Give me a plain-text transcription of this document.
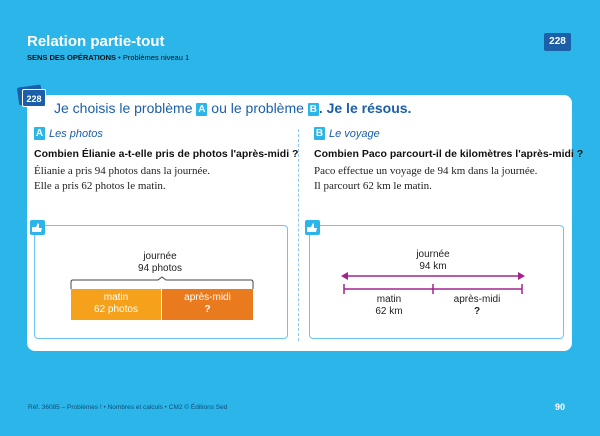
Relation partie-tout
SENS DES OPÉRATIONS • Problèmes niveau 1
228
228
Je choisis le problème A ou le problème B . Je le résous.
A Les photos
Combien Élianie a-t-elle pris de photos l'après-midi ?
Élianie a pris 94 photos dans la journée.
Elle a pris 62 photos le matin.
journée
94 photos
matin
62 photos
après-midi
?
B Le voyage
Combien Paco parcourt-il de kilomètres l'après-midi ?
Paco effectue un voyage de 94 km dans la journée.
Il parcourt 62 km le matin.
journée
94 km
matin
62 km
après-midi
?
Réf. 36085 – Problèmes ! • Nombres et calculs • CM2 © Éditions Sed	90
